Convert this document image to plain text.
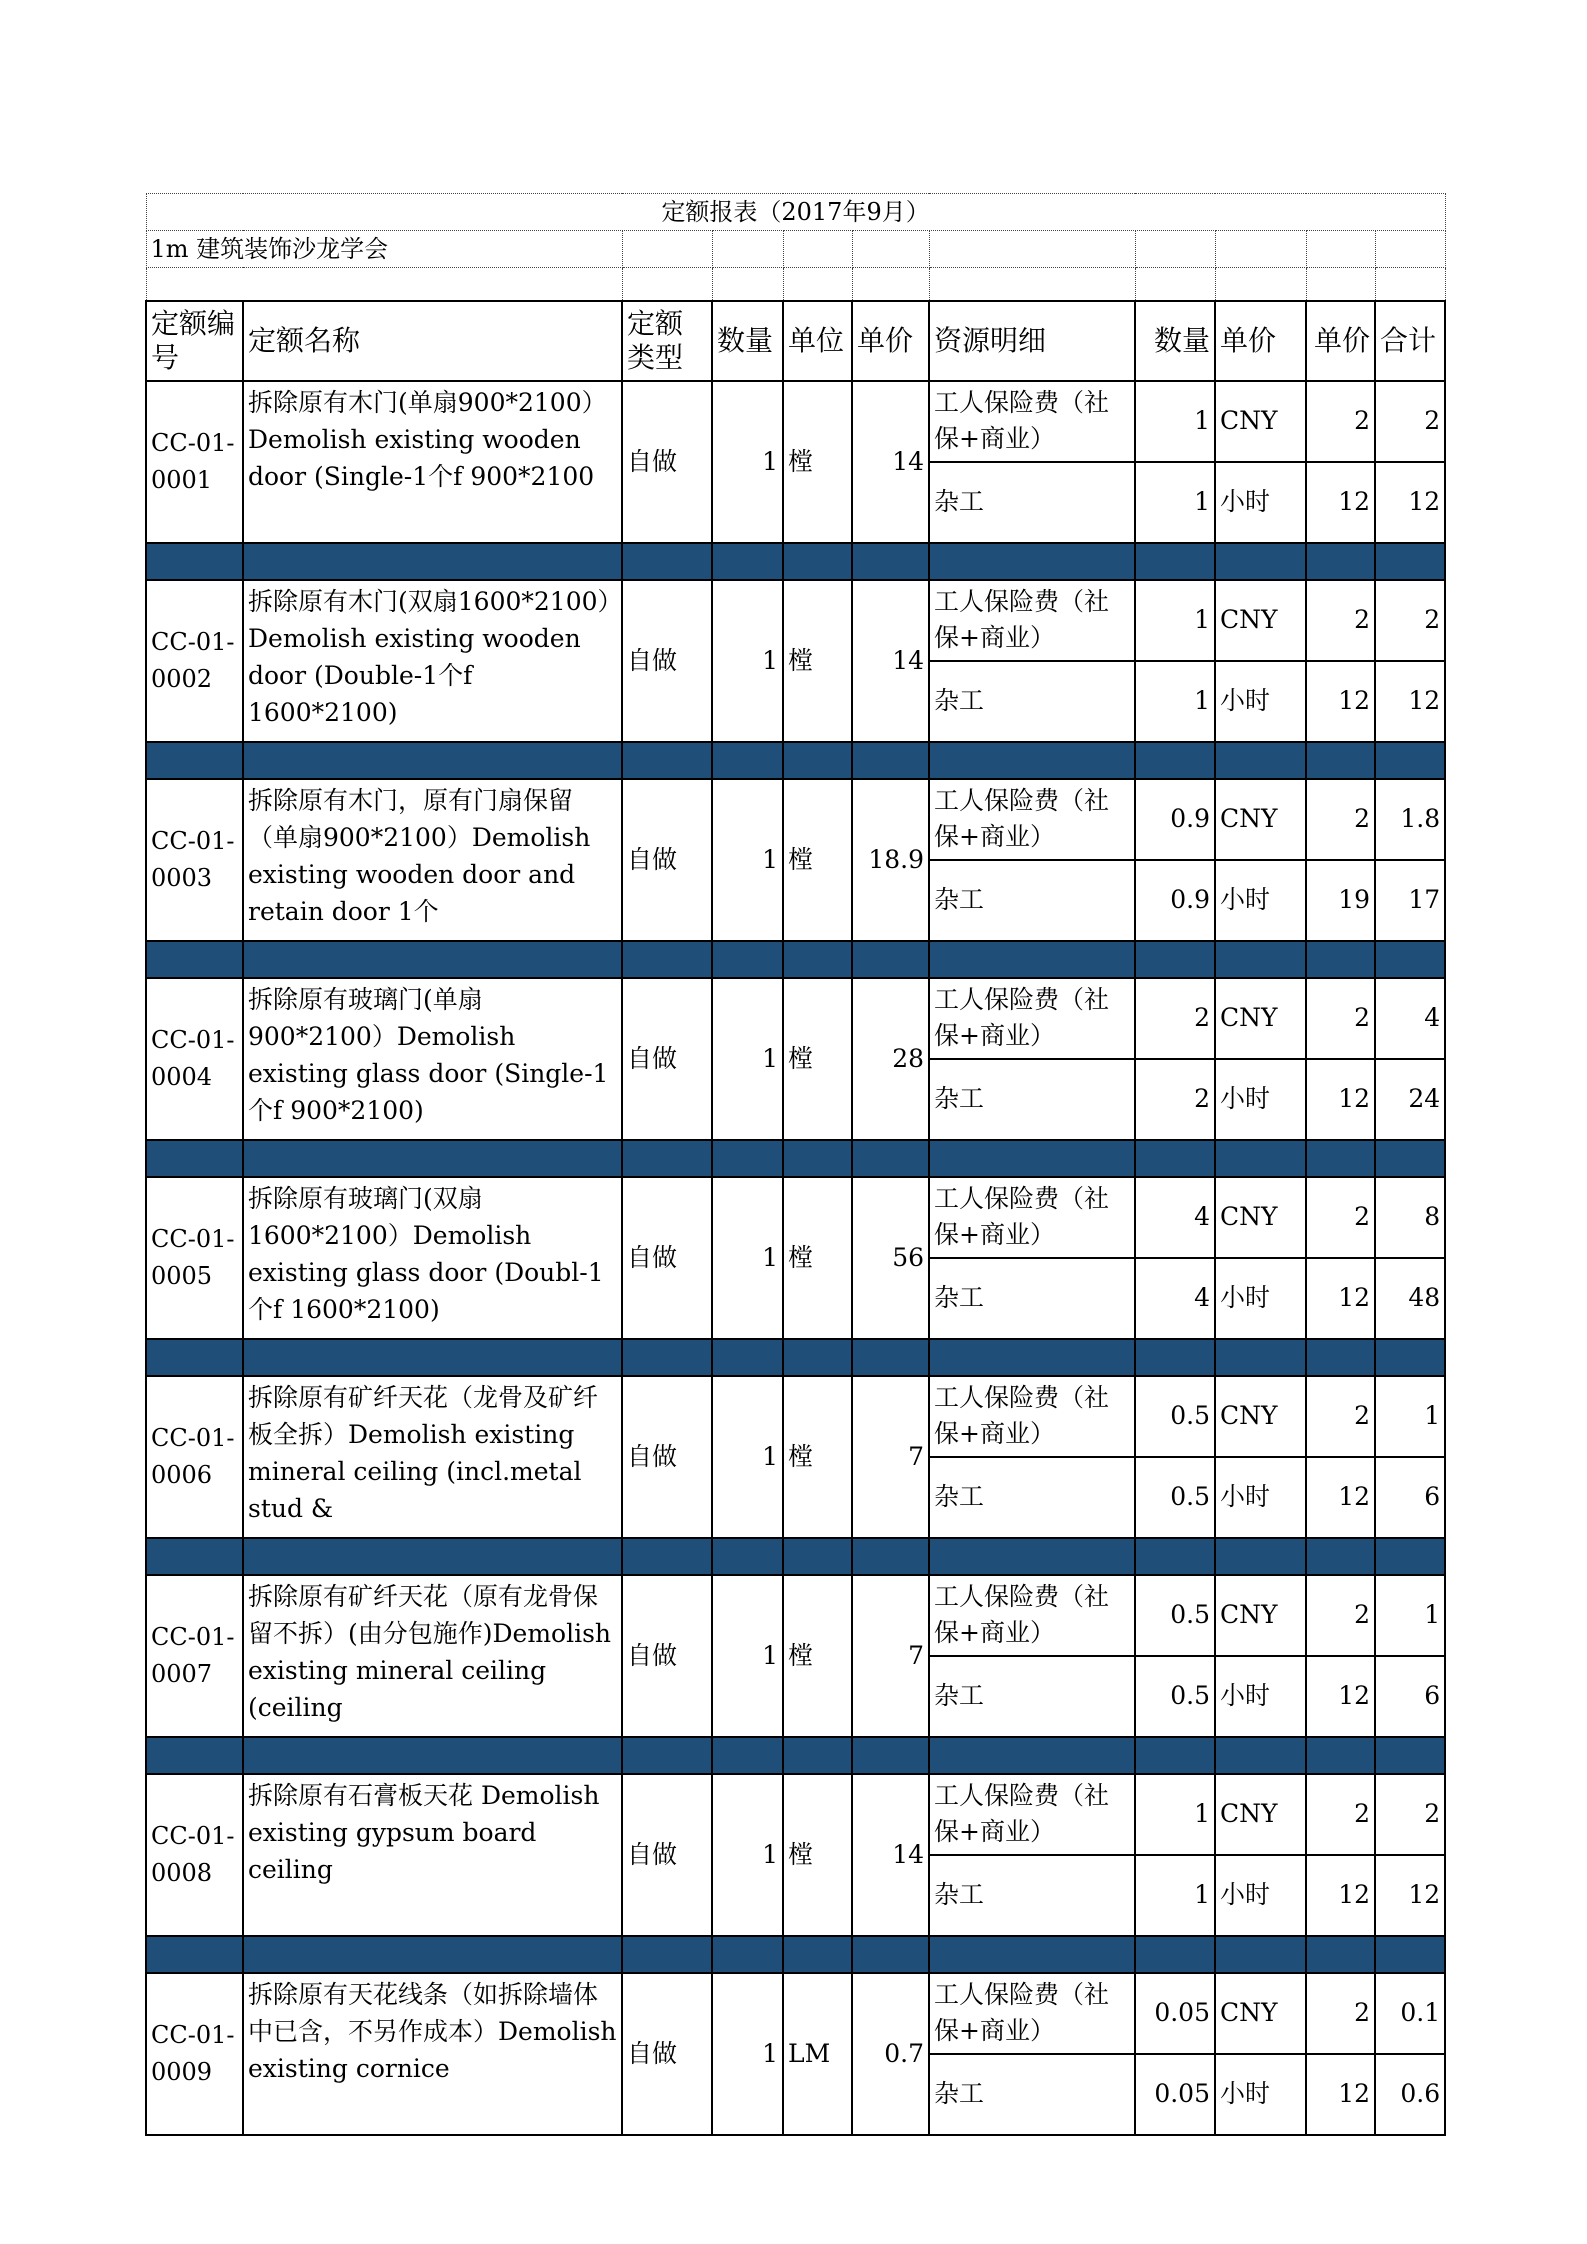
定额报表（2017年9月）										
1m 建筑装饰沙龙学会										

定额编号	定额名称	定额类型	数量	单位	单价	资源明细	数量	单价	单价	合计
CC-01-0001	拆除原有木门(单扇900*2100）Demolish existing wooden door (Single-1个f 900*2100	自做	1	樘	14	工人保险费（社保+商业）	1	CNY	2	2
						杂工	1	小时	12	12

CC-01-0002	拆除原有木门(双扇1600*2100）Demolish existing wooden door (Double-1个f 1600*2100)	自做	1	樘	14	工人保险费（社保+商业）	1	CNY	2	2
						杂工	1	小时	12	12

CC-01-0003	拆除原有木门，原有门扇保留（单扇900*2100）Demolish existing wooden door and retain door 1个	自做	1	樘	18.9	工人保险费（社保+商业）	0.9	CNY	2	1.8
						杂工	0.9	小时	19	17

CC-01-0004	拆除原有玻璃门(单扇900*2100）Demolish existing glass door (Single-1个f 900*2100)	自做	1	樘	28	工人保险费（社保+商业）	2	CNY	2	4
						杂工	2	小时	12	24

CC-01-0005	拆除原有玻璃门(双扇1600*2100）Demolish existing glass door (Doubl-1个f 1600*2100)	自做	1	樘	56	工人保险费（社保+商业）	4	CNY	2	8
						杂工	4	小时	12	48

CC-01-0006	拆除原有矿纤天花（龙骨及矿纤板全拆）Demolish existing mineral ceiling (incl.metal stud &	自做	1	樘	7	工人保险费（社保+商业）	0.5	CNY	2	1
						杂工	0.5	小时	12	6

CC-01-0007	拆除原有矿纤天花（原有龙骨保留不拆）(由分包施作)Demolish existing mineral ceiling (ceiling	自做	1	樘	7	工人保险费（社保+商业）	0.5	CNY	2	1
						杂工	0.5	小时	12	6

CC-01-0008	拆除原有石膏板天花 Demolish existing gypsum board ceiling	自做	1	樘	14	工人保险费（社保+商业）	1	CNY	2	2
						杂工	1	小时	12	12

CC-01-0009	拆除原有天花线条（如拆除墙体中已含，不另作成本）Demolish existing cornice	自做	1	LM	0.7	工人保险费（社保+商业）	0.05	CNY	2	0.1
						杂工	0.05	小时	12	0.6
